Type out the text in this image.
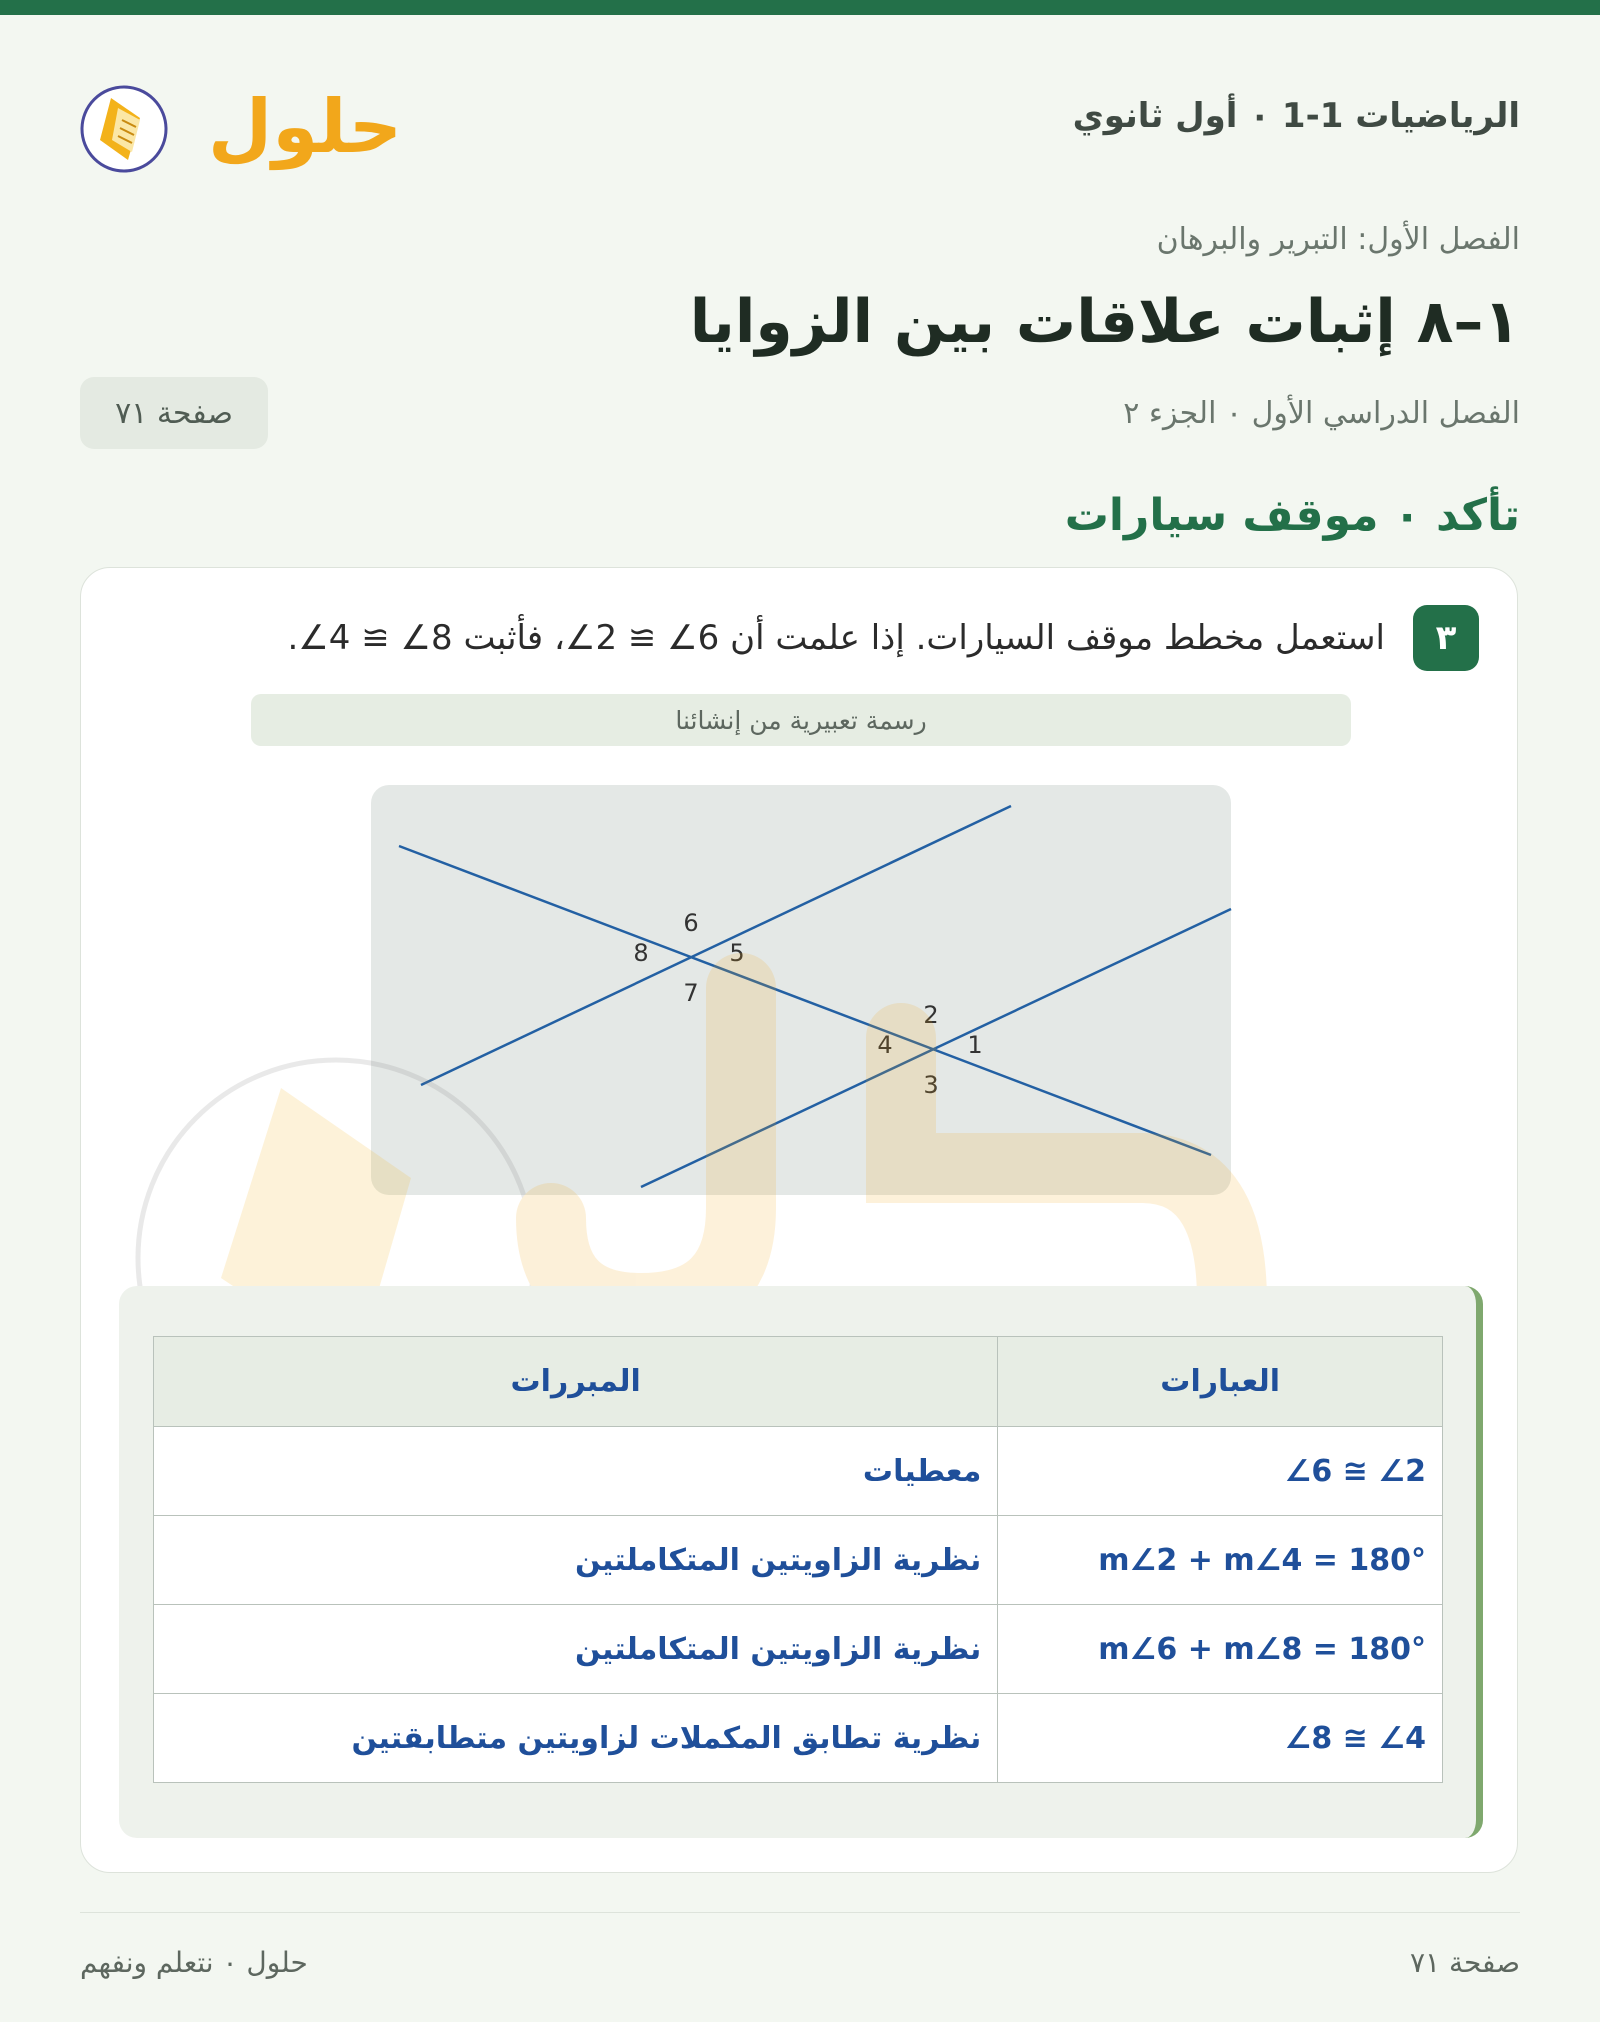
حلول	الرياضيات 1-1 ۰ أول ثانوي
الفصل الأول: التبرير والبرهان
١–٨ إثبات علاقات بين الزوايا
الفصل الدراسي الأول ۰ الجزء ٢
صفحة ٧١
تأكد ۰ موقف سيارات
٣
استعمل مخطط موقف السيارات. إذا علمت أن 6∠ ≅ 2∠، فأثبت 8∠ ≅ 4∠.
رسمة تعبيرية من إنشائنا
6
5
8
7
2
1
4
3
العبارات	المبررات
∠6 ≅ ∠2	معطيات
m∠2 + m∠4 = 180°	نظرية الزاويتين المتكاملتين
m∠6 + m∠8 = 180°	نظرية الزاويتين المتكاملتين
∠8 ≅ ∠4	نظرية تطابق المكملات لزاويتين متطابقتين
حلول ۰ نتعلم ونفهم	صفحة ٧١
